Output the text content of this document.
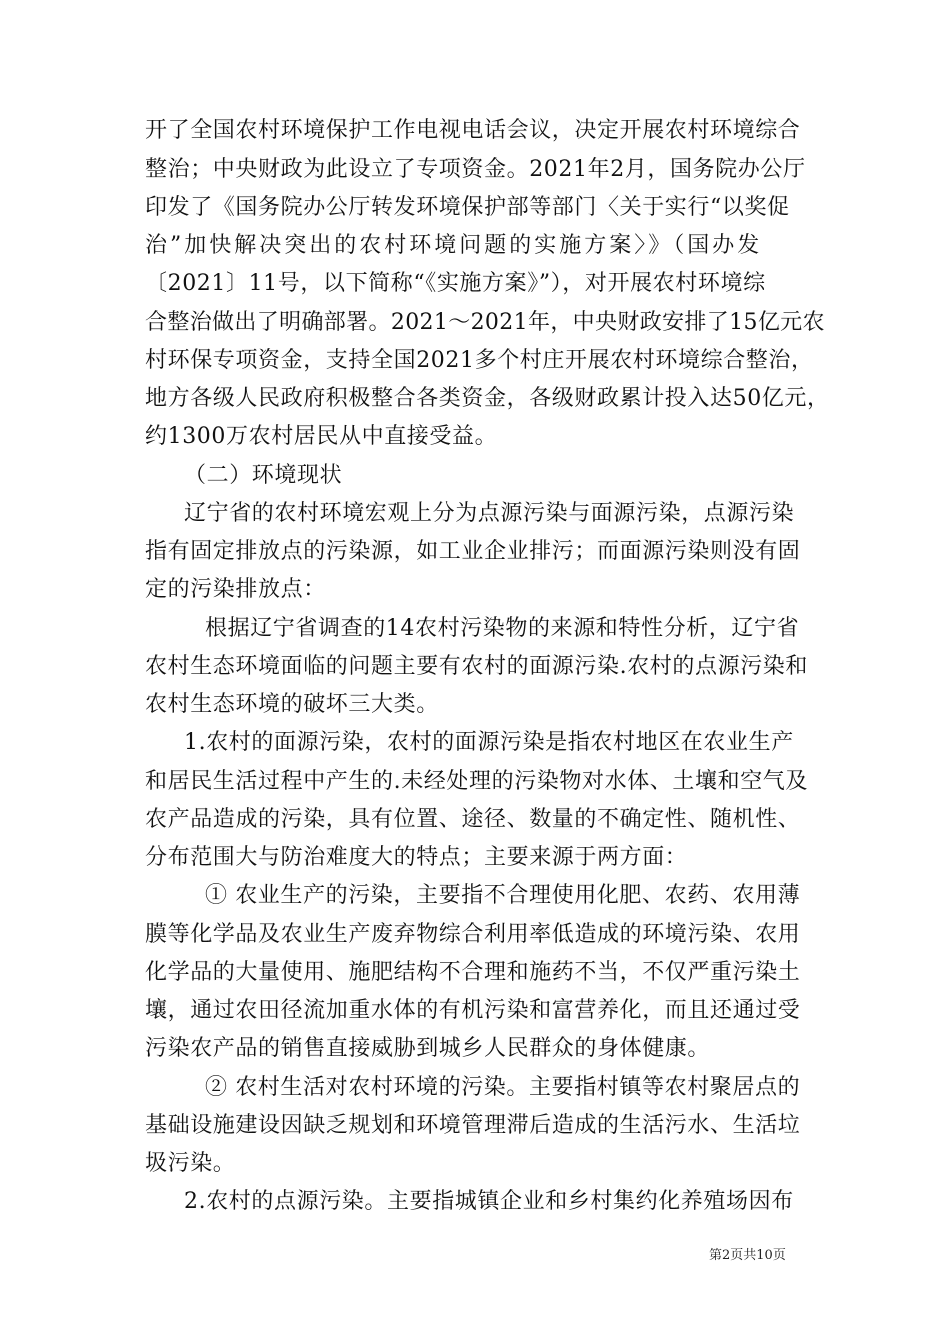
开了全国农村环境保护工作电视电话会议，决定开展农村环境综合
整治；中央财政为此设立了专项资金。2021年2月，国务院办公厅
印发了《国务院办公厅转发环境保护部等部门〈关于实行“以奖促
治”加快解决突出的农村环境问题的实施方案〉》（国办发
〔2021〕11号，以下简称“《实施方案》”），对开展农村环境综
合整治做出了明确部署。2021～2021年，中央财政安排了15亿元农
村环保专项资金，支持全国2021多个村庄开展农村环境综合整治，
地方各级人民政府积极整合各类资金，各级财政累计投入达50亿元，
约1300万农村居民从中直接受益。
（二）环境现状
辽宁省的农村环境宏观上分为点源污染与面源污染，点源污染
指有固定排放点的污染源，如工业企业排污；而面源污染则没有固
定的污染排放点：
根据辽宁省调查的14农村污染物的来源和特性分析，辽宁省
农村生态环境面临的问题主要有农村的面源污染.农村的点源污染和
农村生态环境的破坏三大类。
1.农村的面源污染，农村的面源污染是指农村地区在农业生产
和居民生活过程中产生的.未经处理的污染物对水体、土壤和空气及
农产品造成的污染，具有位置、途径、数量的不确定性、随机性、
分布范围大与防治难度大的特点；主要来源于两方面：
① 农业生产的污染，主要指不合理使用化肥、农药、农用薄
膜等化学品及农业生产废弃物综合利用率低造成的环境污染、农用
化学品的大量使用、施肥结构不合理和施药不当，不仅严重污染土
壤，通过农田径流加重水体的有机污染和富营养化，而且还通过受
污染农产品的销售直接威胁到城乡人民群众的身体健康。
② 农村生活对农村环境的污染。主要指村镇等农村聚居点的
基础设施建设因缺乏规划和环境管理滞后造成的生活污水、生活垃
圾污染。
2.农村的点源污染。主要指城镇企业和乡村集约化养殖场因布
第2页共10页
